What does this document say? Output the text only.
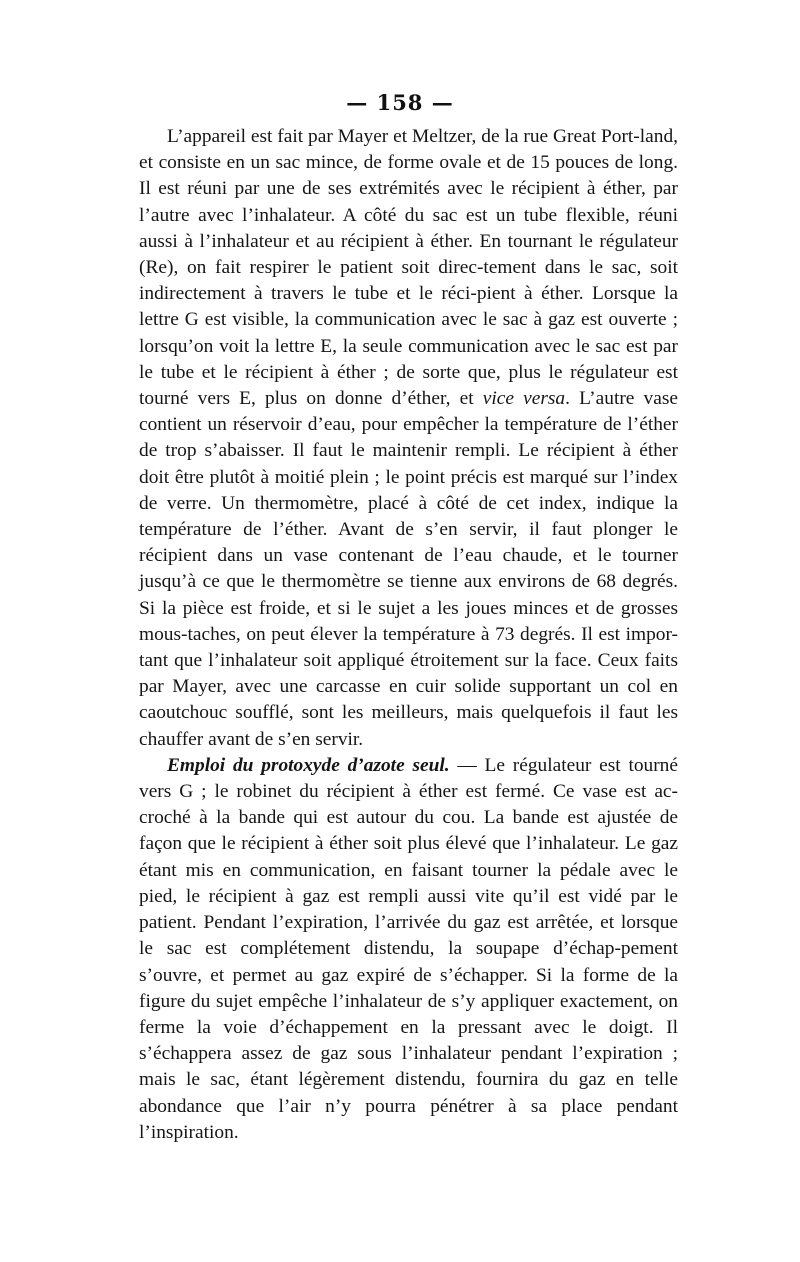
— 158 —

L’appareil est fait par Mayer et Meltzer, de la rue Great Port-land, et consiste en un sac mince, de forme ovale et de 15 pouces de long. Il est réuni par une de ses extrémités avec le récipient à éther, par l’autre avec l’inhalateur. A côté du sac est un tube flexible, réuni aussi à l’inhalateur et au récipient à éther. En tournant le régulateur (Re), on fait respirer le patient soit direc-tement dans le sac, soit indirectement à travers le tube et le réci-pient à éther. Lorsque la lettre G est visible, la communication avec le sac à gaz est ouverte ; lorsqu’on voit la lettre E, la seule communication avec le sac est par le tube et le récipient à éther ; de sorte que, plus le régulateur est tourné vers E, plus on donne d’éther, et vice versa. L’autre vase contient un réservoir d’eau, pour empêcher la température de l’éther de trop s’abaisser. Il faut le maintenir rempli. Le récipient à éther doit être plutôt à moitié plein ; le point précis est marqué sur l’index de verre. Un thermomètre, placé à côté de cet index, indique la température de l’éther. Avant de s’en servir, il faut plonger le récipient dans un vase contenant de l’eau chaude, et le tourner jusqu’à ce que le thermomètre se tienne aux environs de 68 degrés. Si la pièce est froide, et si le sujet a les joues minces et de grosses mous-taches, on peut élever la température à 73 degrés. Il est impor-tant que l’inhalateur soit appliqué étroitement sur la face. Ceux faits par Mayer, avec une carcasse en cuir solide supportant un col en caoutchouc soufflé, sont les meilleurs, mais quelquefois il faut les chauffer avant de s’en servir.

Emploi du protoxyde d’azote seul. — Le régulateur est tourné vers G ; le robinet du récipient à éther est fermé. Ce vase est ac-croché à la bande qui est autour du cou. La bande est ajustée de façon que le récipient à éther soit plus élevé que l’inhalateur. Le gaz étant mis en communication, en faisant tourner la pédale avec le pied, le récipient à gaz est rempli aussi vite qu’il est vidé par le patient. Pendant l’expiration, l’arrivée du gaz est arrêtée, et lorsque le sac est complétement distendu, la soupape d’échap-pement s’ouvre, et permet au gaz expiré de s’échapper. Si la forme de la figure du sujet empêche l’inhalateur de s’y appliquer exactement, on ferme la voie d’échappement en la pressant avec le doigt. Il s’échappera assez de gaz sous l’inhalateur pendant l’expiration ; mais le sac, étant légèrement distendu, fournira du gaz en telle abondance que l’air n’y pourra pénétrer à sa place pendant l’inspiration.
